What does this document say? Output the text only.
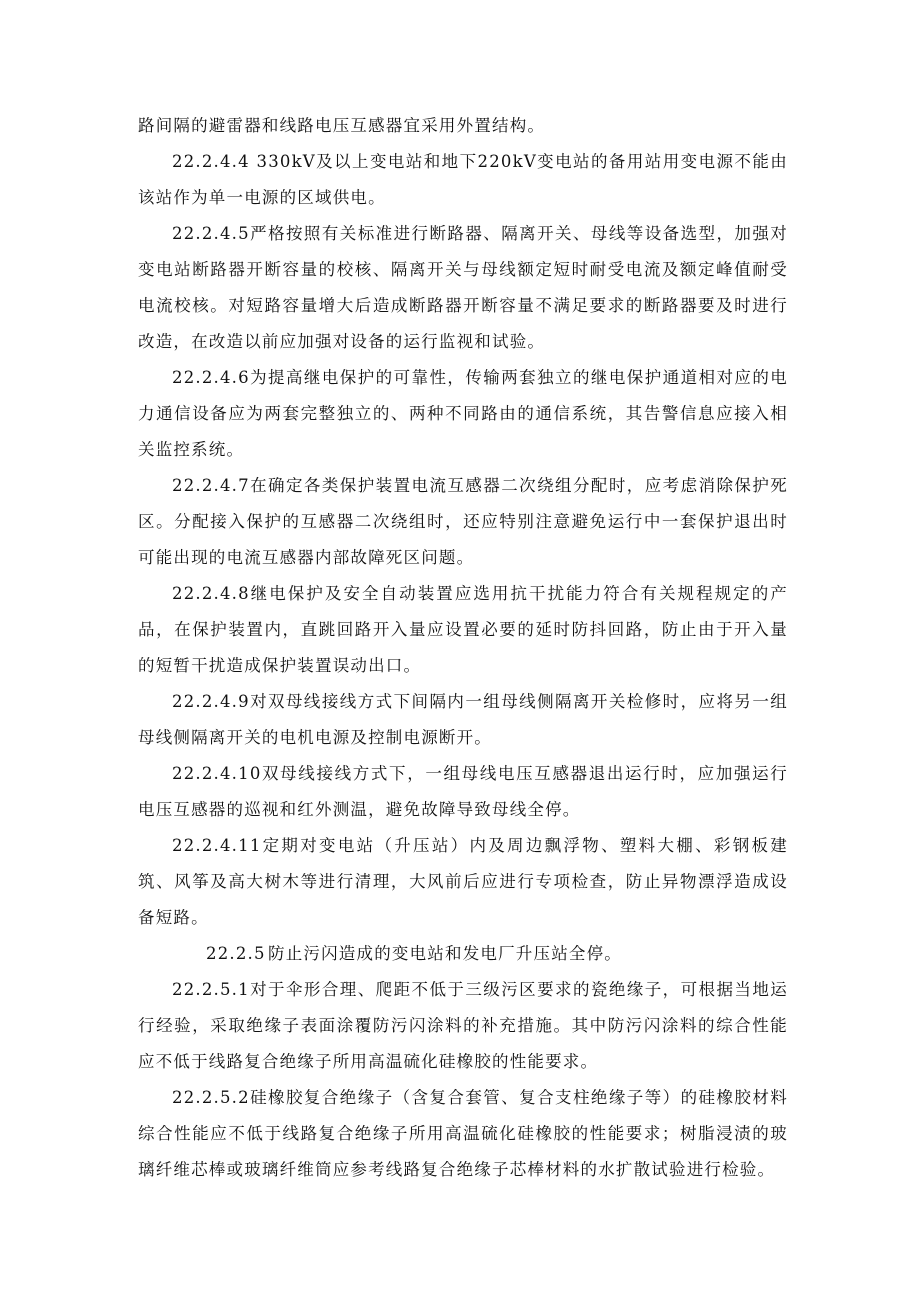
路间隔的避雷器和线路电压互感器宜采用外置结构。

22.2.4.4 330kV及以上变电站和地下220kV变电站的备用站用变电源不能由该站作为单一电源的区域供电。

22.2.4.5严格按照有关标准进行断路器、隔离开关、母线等设备选型，加强对变电站断路器开断容量的校核、隔离开关与母线额定短时耐受电流及额定峰值耐受电流校核。对短路容量增大后造成断路器开断容量不满足要求的断路器要及时进行改造，在改造以前应加强对设备的运行监视和试验。

22.2.4.6为提高继电保护的可靠性，传输两套独立的继电保护通道相对应的电力通信设备应为两套完整独立的、两种不同路由的通信系统，其告警信息应接入相关监控系统。

22.2.4.7在确定各类保护装置电流互感器二次绕组分配时，应考虑消除保护死区。分配接入保护的互感器二次绕组时，还应特别注意避免运行中一套保护退出时可能出现的电流互感器内部故障死区问题。

22.2.4.8继电保护及安全自动装置应选用抗干扰能力符合有关规程规定的产品，在保护装置内，直跳回路开入量应设置必要的延时防抖回路，防止由于开入量的短暂干扰造成保护装置误动出口。

22.2.4.9对双母线接线方式下间隔内一组母线侧隔离开关检修时，应将另一组母线侧隔离开关的电机电源及控制电源断开。

22.2.4.10双母线接线方式下，一组母线电压互感器退出运行时，应加强运行电压互感器的巡视和红外测温，避免故障导致母线全停。

22.2.4.11定期对变电站（升压站）内及周边飘浮物、塑料大棚、彩钢板建筑、风筝及高大树木等进行清理，大风前后应进行专项检查，防止异物漂浮造成设备短路。

22.2.5 防止污闪造成的变电站和发电厂升压站全停。

22.2.5.1对于伞形合理、爬距不低于三级污区要求的瓷绝缘子，可根据当地运行经验，采取绝缘子表面涂覆防污闪涂料的补充措施。其中防污闪涂料的综合性能应不低于线路复合绝缘子所用高温硫化硅橡胶的性能要求。

22.2.5.2硅橡胶复合绝缘子（含复合套管、复合支柱绝缘子等）的硅橡胶材料综合性能应不低于线路复合绝缘子所用高温硫化硅橡胶的性能要求；树脂浸渍的玻璃纤维芯棒或玻璃纤维筒应参考线路复合绝缘子芯棒材料的水扩散试验进行检验。
